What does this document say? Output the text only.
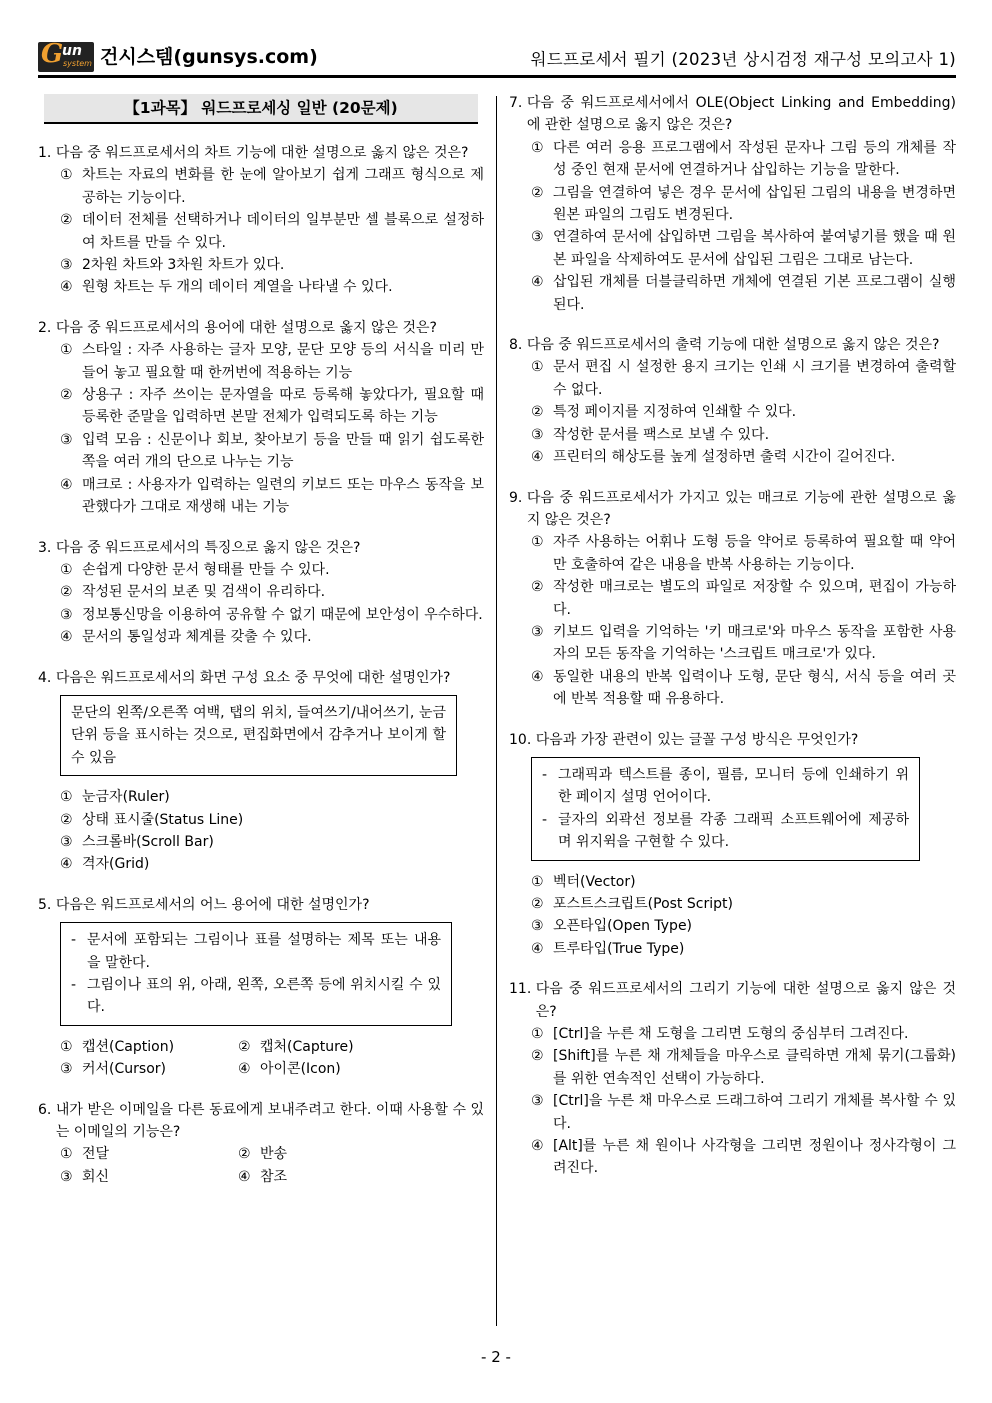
G
un
system 건시스템(gunsys.com)	워드프로세서 필기 (2023년 상시검정 재구성 모의고사 1)
【1과목】 워드프로세싱 일반 (20문제)
1. 다음 중 워드프로세서의 차트 기능에 대한 설명으로 옳지 않은 것은?
① 차트는 자료의 변화를 한 눈에 알아보기 쉽게 그래프 형식으로 제공하는 기능이다.
② 데이터 전체를 선택하거나 데이터의 일부분만 셀 블록으로 설정하여 차트를 만들 수 있다.
③ 2차원 차트와 3차원 차트가 있다.
④ 원형 차트는 두 개의 데이터 계열을 나타낼 수 있다.
2. 다음 중 워드프로세서의 용어에 대한 설명으로 옳지 않은 것은?
① 스타일 : 자주 사용하는 글자 모양, 문단 모양 등의 서식을 미리 만들어 놓고 필요할 때 한꺼번에 적용하는 기능
② 상용구 : 자주 쓰이는 문자열을 따로 등록해 놓았다가, 필요할 때 등록한 준말을 입력하면 본말 전체가 입력되도록 하는 기능
③ 입력 모음 : 신문이나 회보, 찾아보기 등을 만들 때 읽기 쉽도록한 쪽을 여러 개의 단으로 나누는 기능
④ 매크로 : 사용자가 입력하는 일련의 키보드 또는 마우스 동작을 보관했다가 그대로 재생해 내는 기능
3. 다음 중 워드프로세서의 특징으로 옳지 않은 것은?
① 손쉽게 다양한 문서 형태를 만들 수 있다.
② 작성된 문서의 보존 및 검색이 유리하다.
③ 정보통신망을 이용하여 공유할 수 없기 때문에 보안성이 우수하다.
④ 문서의 통일성과 체계를 갖출 수 있다.
4. 다음은 워드프로세서의 화면 구성 요소 중 무엇에 대한 설명인가?
문단의 왼쪽/오른쪽 여백, 탭의 위치, 들여쓰기/내어쓰기, 눈금 단위 등을 표시하는 것으로, 편집화면에서 감추거나 보이게 할 수 있음
① 눈금자(Ruler)
② 상태 표시줄(Status Line)
③ 스크롤바(Scroll Bar)
④ 격자(Grid)
5. 다음은 워드프로세서의 어느 용어에 대한 설명인가?
- 문서에 포함되는 그림이나 표를 설명하는 제목 또는 내용을 말한다.
- 그림이나 표의 위, 아래, 왼쪽, 오른쪽 등에 위치시킬 수 있다.
① 캡션(Caption)	② 캡처(Capture)
③ 커서(Cursor)	④ 아이콘(Icon)
6. 내가 받은 이메일을 다른 동료에게 보내주려고 한다. 이때 사용할 수 있는 이메일의 기능은?
① 전달	② 반송
③ 회신	④ 참조
7. 다음 중 워드프로세서에서 OLE(Object Linking and Embedding)에 관한 설명으로 옳지 않은 것은?
① 다른 여러 응용 프로그램에서 작성된 문자나 그림 등의 개체를 작성 중인 현재 문서에 연결하거나 삽입하는 기능을 말한다.
② 그림을 연결하여 넣은 경우 문서에 삽입된 그림의 내용을 변경하면 원본 파일의 그림도 변경된다.
③ 연결하여 문서에 삽입하면 그림을 복사하여 붙여넣기를 했을 때 원본 파일을 삭제하여도 문서에 삽입된 그림은 그대로 남는다.
④ 삽입된 개체를 더블클릭하면 개체에 연결된 기본 프로그램이 실행된다.
8. 다음 중 워드프로세서의 출력 기능에 대한 설명으로 옳지 않은 것은?
① 문서 편집 시 설정한 용지 크기는 인쇄 시 크기를 변경하여 출력할 수 없다.
② 특정 페이지를 지정하여 인쇄할 수 있다.
③ 작성한 문서를 팩스로 보낼 수 있다.
④ 프린터의 해상도를 높게 설정하면 출력 시간이 길어진다.
9. 다음 중 워드프로세서가 가지고 있는 매크로 기능에 관한 설명으로 옳지 않은 것은?
① 자주 사용하는 어휘나 도형 등을 약어로 등록하여 필요할 때 약어만 호출하여 같은 내용을 반복 사용하는 기능이다.
② 작성한 매크로는 별도의 파일로 저장할 수 있으며, 편집이 가능하다.
③ 키보드 입력을 기억하는 '키 매크로'와 마우스 동작을 포함한 사용자의 모든 동작을 기억하는 '스크립트 매크로'가 있다.
④ 동일한 내용의 반복 입력이나 도형, 문단 형식, 서식 등을 여러 곳에 반복 적용할 때 유용하다.
10. 다음과 가장 관련이 있는 글꼴 구성 방식은 무엇인가?
- 그래픽과 텍스트를 종이, 필름, 모니터 등에 인쇄하기 위한 페이지 설명 언어이다.
- 글자의 외곽선 정보를 각종 그래픽 소프트웨어에 제공하며 위지윅을 구현할 수 있다.
① 벡터(Vector)
② 포스트스크립트(Post Script)
③ 오픈타입(Open Type)
④ 트루타입(True Type)
11. 다음 중 워드프로세서의 그리기 기능에 대한 설명으로 옳지 않은 것은?
① [Ctrl]을 누른 채 도형을 그리면 도형의 중심부터 그려진다.
② [Shift]를 누른 채 개체들을 마우스로 클릭하면 개체 묶기(그룹화)를 위한 연속적인 선택이 가능하다.
③ [Ctrl]을 누른 채 마우스로 드래그하여 그리기 개체를 복사할 수 있다.
④ [Alt]를 누른 채 원이나 사각형을 그리면 정원이나 정사각형이 그려진다.
- 2 -
